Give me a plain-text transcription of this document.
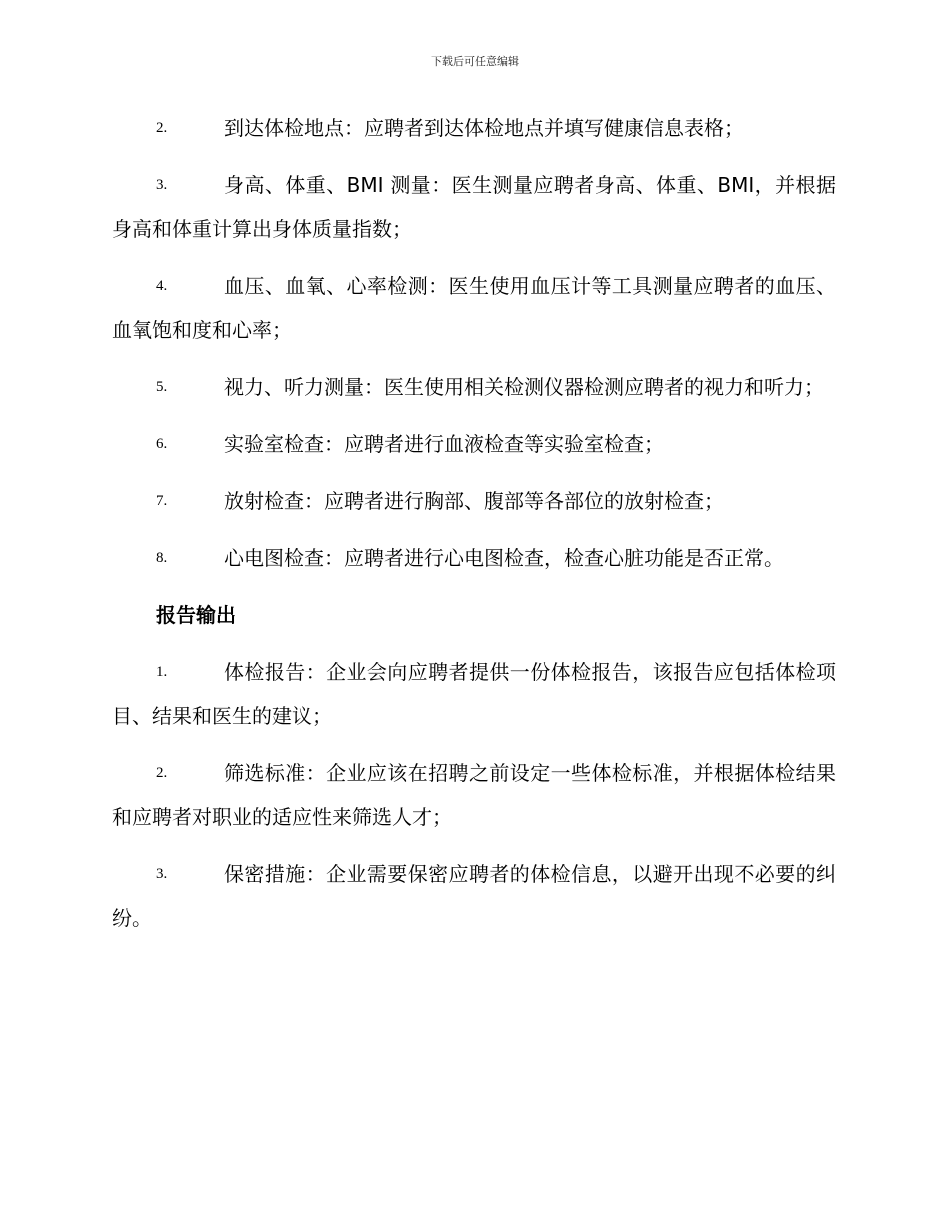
下载后可任意编辑
2.	到达体检地点：应聘者到达体检地点并填写健康信息表格；
3.	身高、体重、BMI 测量：医生测量应聘者身高、体重、BMI，并根据身高和体重计算出身体质量指数；
4.	血压、血氧、心率检测：医生使用血压计等工具测量应聘者的血压、血氧饱和度和心率；
5.	视力、听力测量：医生使用相关检测仪器检测应聘者的视力和听力；
6.	实验室检查：应聘者进行血液检查等实验室检查；
7.	放射检查：应聘者进行胸部、腹部等各部位的放射检查；
8.	心电图检查：应聘者进行心电图检查，检查心脏功能是否正常。
报告输出
1.	体检报告：企业会向应聘者提供一份体检报告，该报告应包括体检项目、结果和医生的建议；
2.	筛选标准：企业应该在招聘之前设定一些体检标准，并根据体检结果和应聘者对职业的适应性来筛选人才；
3.	保密措施：企业需要保密应聘者的体检信息，以避开出现不必要的纠纷。
